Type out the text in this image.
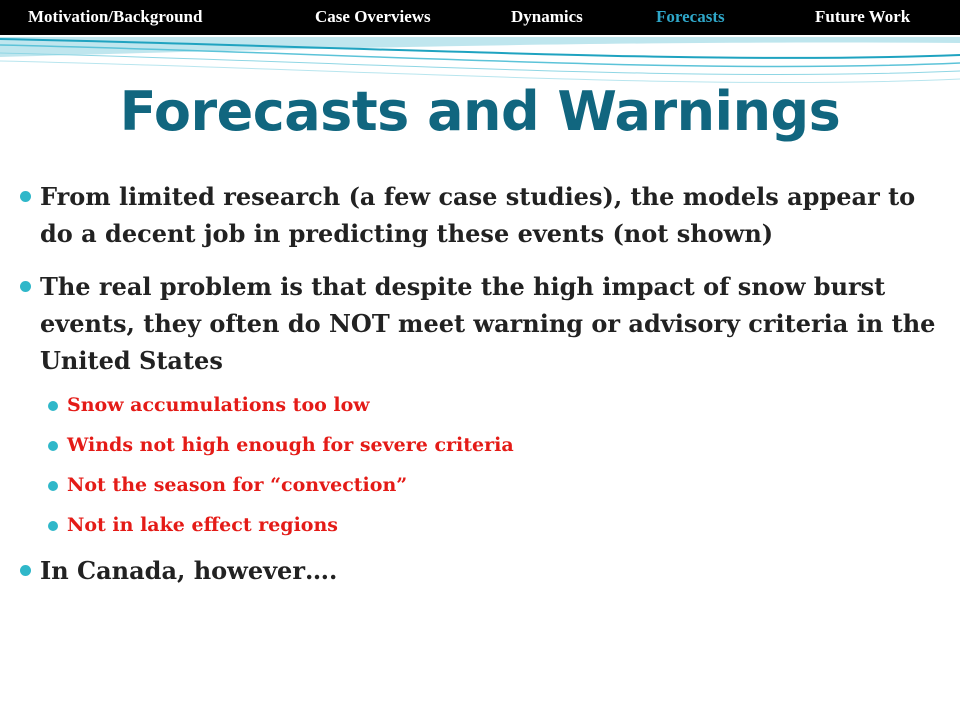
Motivation/Background	Case Overviews	Dynamics	Forecasts	Future Work
Forecasts and Warnings
From limited research (a few case studies), the models appear to do a decent job in predicting these events (not shown)
The real problem is that despite the high impact of snow burst events, they often do NOT meet warning or advisory criteria in the United States
Snow accumulations too low
Winds not high enough for severe criteria
Not the season for “convection”
Not in lake effect regions
In Canada, however….
